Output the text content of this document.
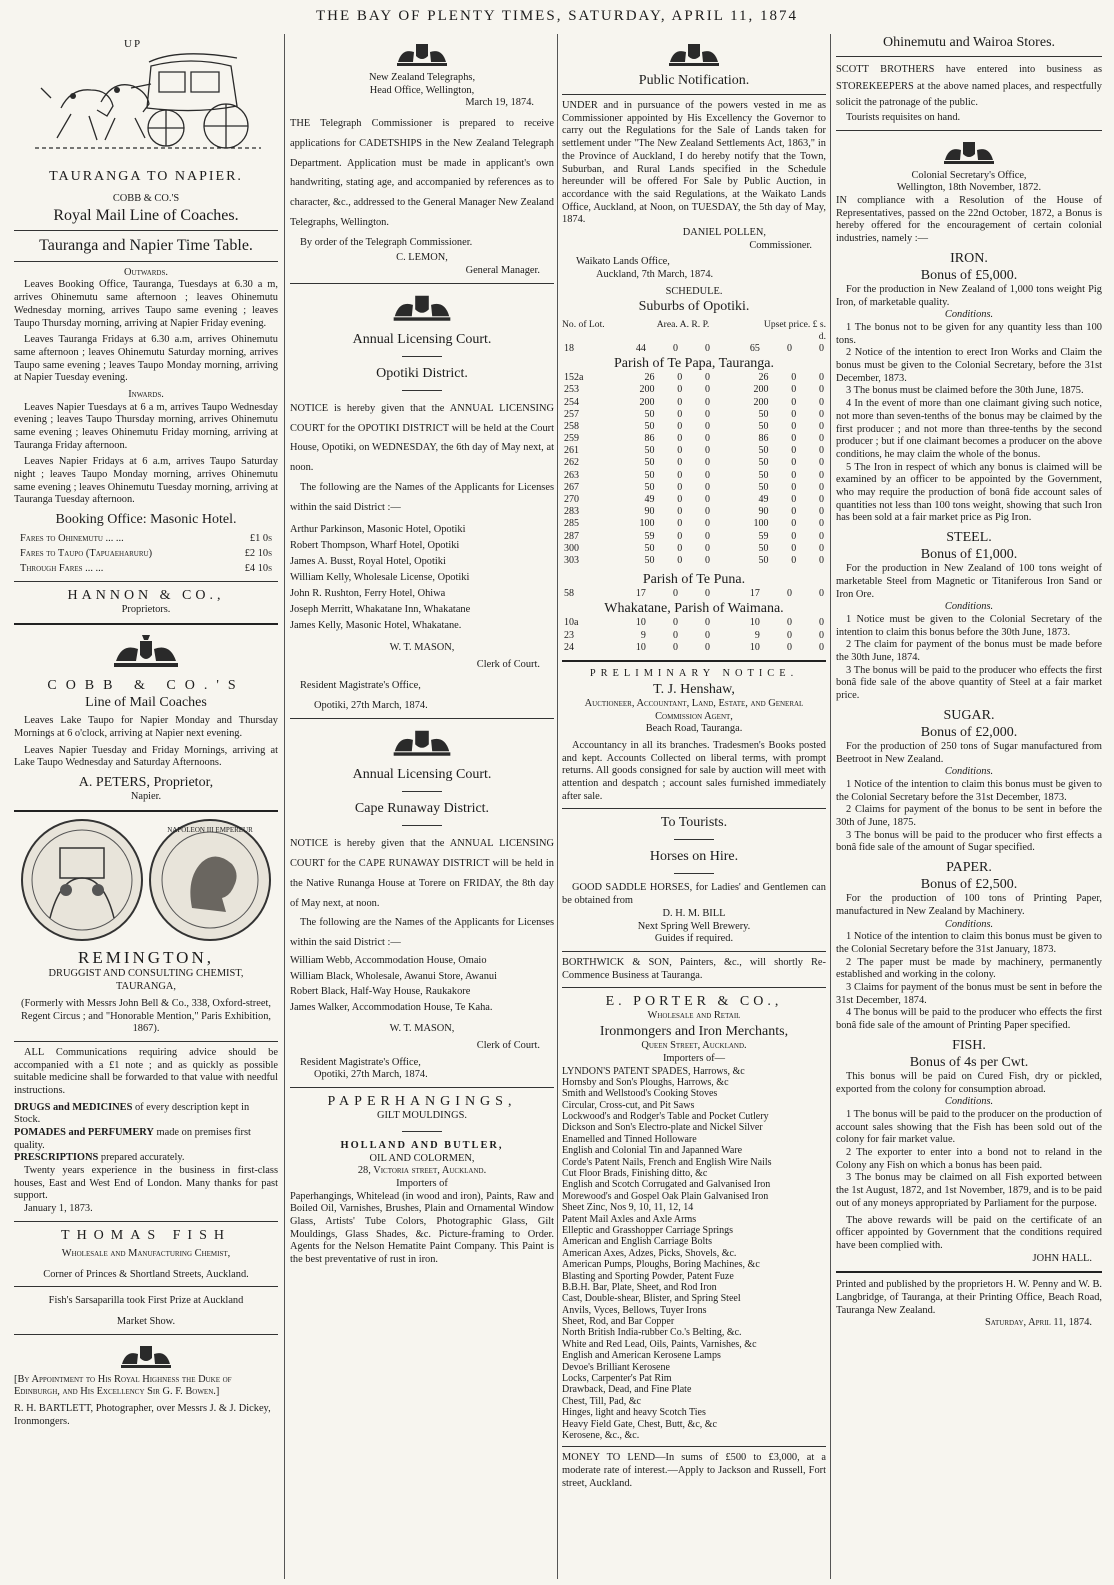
THE BAY OF PLENTY TIMES, SATURDAY, APRIL 11, 1874
UP
TAURANGA TO NAPIER.
COBB & CO.'S
Royal Mail Line of Coaches.
Tauranga and Napier Time Table.
Outwards.

Leaves Booking Office, Tauranga, Tuesdays at 6.30 a m, arrives Ohinemutu same afternoon ; leaves Ohinemutu Wednesday morning, arrives Taupo same evening ; leaves Taupo Thursday morning, arriving at Napier Friday evening.

Leaves Tauranga Fridays at 6.30 a.m, arrives Ohinemutu same afternoon ; leaves Ohinemutu Saturday morning, arrives Taupo same evening ; leaves Taupo Monday morning, arriving at Napier Tuesday evening.

Inwards.

Leaves Napier Tuesdays at 6 a m, arrives Taupo Wednesday evening ; leaves Taupo Thursday morning, arrives Ohinemutu same evening ; leaves Ohinemutu Friday morning, arriving at Tauranga Friday afternoon.

Leaves Napier Fridays at 6 a.m, arrives Taupo Saturday night ; leaves Taupo Monday morning, arrives Ohinemutu same evening ; leaves Ohinemutu Tuesday morning, arriving at Tauranga Tuesday afternoon.

Booking Office: Masonic Hotel.
Fares to Ohinemutu ... ...	£1 0s
Fares to Taupo (Tapuaeharuru)	£2 10s
Through Fares ... ...	£4 10s
HANNON & CO.,
Proprietors.
COBB & CO.'S
Line of Mail Coaches

Leaves Lake Taupo for Napier Monday and Thursday Mornings at 6 o'clock, arriving at Napier next evening.

Leaves Napier Tuesday and Friday Mornings, arriving at Lake Taupo Wednesday and Saturday Afternoons.

A. PETERS, Proprietor,
Napier.
NAPOLEON III EMPEREUR
REMINGTON,
DRUGGIST AND CONSULTING CHEMIST,
TAURANGA,

(Formerly with Messrs John Bell & Co., 338, Oxford-street, Regent Circus ; and "Honorable Mention," Paris Exhibition, 1867).

ALL Communications requiring advice should be accompanied with a £1 note ; and as quickly as possible suitable medicine shall be forwarded to that value with needful instructions.

DRUGS and MEDICINES of every description kept in Stock.

POMADES and PERFUMERY made on premises first quality.

PRESCRIPTIONS prepared accurately.

Twenty years experience in the business in first-class houses, East and West End of London. Many thanks for past support.

January 1, 1873.

THOMAS FISH
Wholesale and Manufacturing Chemist,
Corner of Princes & Shortland Streets, Auckland.
Fish's Sarsaparilla took First Prize at Auckland
Market Show.

[By Appointment to His Royal Highness the Duke of Edinburgh, and His Excellency Sir G. F. Bowen.]

R. H. BARTLETT, Photographer, over Messrs J. & J. Dickey, Ironmongers.

New Zealand Telegraphs,
Head Office, Wellington,
March 19, 1874.

THE Telegraph Commissioner is prepared to receive applications for CADETSHIPS in the New Zealand Telegraph Department. Application must be made in applicant's own handwriting, stating age, and accompanied by references as to character, &c., addressed to the General Manager New Zealand Telegraphs, Wellington.

By order of the Telegraph Commissioner.

C. LEMON,
General Manager.
Annual Licensing Court.
Opotiki District.

NOTICE is hereby given that the ANNUAL LICENSING COURT for the OPOTIKI DISTRICT will be held at the Court House, Opotiki, on WEDNESDAY, the 6th day of May next, at noon.

The following are the Names of the Applicants for Licenses within the said District :—

Arthur Parkinson, Masonic Hotel, Opotiki
Robert Thompson, Wharf Hotel, Opotiki
James A. Busst, Royal Hotel, Opotiki
William Kelly, Wholesale License, Opotiki
John R. Rushton, Ferry Hotel, Ohiwa
Joseph Merritt, Whakatane Inn, Whakatane
James Kelly, Masonic Hotel, Whakatane.
W. T. MASON,
Clerk of Court.
Resident Magistrate's Office,
Opotiki, 27th March, 1874.
Annual Licensing Court.
Cape Runaway District.

NOTICE is hereby given that the ANNUAL LICENSING COURT for the CAPE RUNAWAY DISTRICT will be held in the Native Runanga House at Torere on FRIDAY, the 8th day of May next, at noon.

The following are the Names of the Applicants for Licenses within the said District :—

William Webb, Accommodation House, Omaio
William Black, Wholesale, Awanui Store, Awanui
Robert Black, Half-Way House, Raukakore
James Walker, Accommodation House, Te Kaha.
W. T. MASON,
Clerk of Court.
Resident Magistrate's Office,
Opotiki, 27th March, 1874.
PAPERHANGINGS,
GILT MOULDINGS.
HOLLAND AND BUTLER,
OIL AND COLORMEN,
28, Victoria street, Auckland.
Importers of

Paperhangings, Whitelead (in wood and iron), Paints, Raw and Boiled Oil, Varnishes, Brushes, Plain and Ornamental Window Glass, Artists' Tube Colors, Photographic Glass, Gilt Mouldings, Glass Shades, &c. Picture-framing to Order. Agents for the Nelson Hematite Paint Company. This Paint is the best preventative of rust in iron.

Public Notification.

UNDER and in pursuance of the powers vested in me as Commissioner appointed by His Excellency the Governor to carry out the Regulations for the Sale of Lands taken for settlement under "The New Zealand Settlements Act, 1863," in the Province of Auckland, I do hereby notify that the Town, Suburban, and Rural Lands specified in the Schedule hereunder will be offered For Sale by Public Auction, in accordance with the said Regulations, at the Waikato Lands Office, Auckland, at Noon, on TUESDAY, the 5th day of May, 1874.

DANIEL POLLEN,
Commissioner.
Waikato Lands Office,
Auckland, 7th March, 1874.
SCHEDULE.
Suburbs of Opotiki.
No. of Lot.	Area. A. R. P.	Upset price. £ s. d.
18	44	0	0	65	0	0
Parish of Te Papa, Tauranga.
152a	26	0	0	26	0	0
253	200	0	0	200	0	0
254	200	0	0	200	0	0
257	50	0	0	50	0	0
258	50	0	0	50	0	0
259	86	0	0	86	0	0
261	50	0	0	50	0	0
262	50	0	0	50	0	0
263	50	0	0	50	0	0
267	50	0	0	50	0	0
270	49	0	0	49	0	0
283	90	0	0	90	0	0
285	100	0	0	100	0	0
287	59	0	0	59	0	0
300	50	0	0	50	0	0
303	50	0	0	50	0	0
Parish of Te Puna.
58	17	0	0	17	0	0
Whakatane, Parish of Waimana.
10a	10	0	0	10	0	0
23	9	0	0	9	0	0
24	10	0	0	10	0	0
PRELIMINARY NOTICE.
T. J. Henshaw,
Auctioneer, Accountant, Land, Estate, and General Commission Agent,
Beach Road, Tauranga.

Accountancy in all its branches. Tradesmen's Books posted and kept. Accounts Collected on liberal terms, with prompt returns. All goods consigned for sale by auction will meet with attention and despatch ; account sales furnished immediately after sale.

To Tourists.
Horses on Hire.

GOOD SADDLE HORSES, for Ladies' and Gentlemen can be obtained from

D. H. M. BILL
Next Spring Well Brewery.
Guides if required.

BORTHWICK & SON, Painters, &c., will shortly Re-Commence Business at Tauranga.

E. PORTER & CO.,
Wholesale and Retail
Ironmongers and Iron Merchants,
Queen Street, Auckland.
Importers of—
LYNDON'S PATENT SPADES, Harrows, &c
Hornsby and Son's Ploughs, Harrows, &c
Smith and Wellstood's Cooking Stoves
Circular, Cross-cut, and Pit Saws
Lockwood's and Rodger's Table and Pocket Cutlery
Dickson and Son's Electro-plate and Nickel Silver
Enamelled and Tinned Holloware
English and Colonial Tin and Japanned Ware
Corde's Patent Nails, French and English Wire Nails
Cut Floor Brads, Finishing ditto, &c
English and Scotch Corrugated and Galvanised Iron
Morewood's and Gospel Oak Plain Galvanised Iron
Sheet Zinc, Nos 9, 10, 11, 12, 14
Patent Mail Axles and Axle Arms
Elleptic and Grasshopper Carriage Springs
American and English Carriage Bolts
American Axes, Adzes, Picks, Shovels, &c.
American Pumps, Ploughs, Boring Machines, &c
Blasting and Sporting Powder, Patent Fuze
B.B.H. Bar, Plate, Sheet, and Rod Iron
Cast, Double-shear, Blister, and Spring Steel
Anvils, Vyces, Bellows, Tuyer Irons
Sheet, Rod, and Bar Copper
North British India-rubber Co.'s Belting, &c.
White and Red Lead, Oils, Paints, Varnishes, &c
English and American Kerosene Lamps
Devoe's Brilliant Kerosene
Locks, Carpenter's Pat Rim
Drawback, Dead, and Fine Plate
Chest, Till, Pad, &c
Hinges, light and heavy Scotch Ties
Heavy Field Gate, Chest, Butt, &c, &c
Kerosene, &c., &c.

MONEY TO LEND—In sums of £500 to £3,000, at a moderate rate of interest.—Apply to Jackson and Russell, Fort street, Auckland.

Ohinemutu and Wairoa Stores.

SCOTT BROTHERS have entered into business as STOREKEEPERS at the above named places, and respectfully solicit the patronage of the public.

Tourists requisites on hand.

Colonial Secretary's Office,
Wellington, 18th November, 1872.

IN compliance with a Resolution of the House of Representatives, passed on the 22nd October, 1872, a Bonus is hereby offered for the encouragement of certain colonial industries, namely :—

IRON.
Bonus of £5,000.

For the production in New Zealand of 1,000 tons weight Pig Iron, of marketable quality.

Conditions.

1 The bonus not to be given for any quantity less than 100 tons.

2 Notice of the intention to erect Iron Works and Claim the bonus must be given to the Colonial Secretary, before the 31st December, 1873.

3 The bonus must be claimed before the 30th June, 1875.

4 In the event of more than one claimant giving such notice, not more than seven-tenths of the bonus may be claimed by the first producer ; and not more than three-tenths by the second producer ; but if one claimant becomes a producer on the above conditions, he may claim the whole of the bonus.

5 The Iron in respect of which any bonus is claimed will be examined by an officer to be appointed by the Government, who may require the production of bonâ fide account sales of quantities not less than 100 tons weight, showing that such Iron has been sold at a fair market price as Pig Iron.

STEEL.
Bonus of £1,000.

For the production in New Zealand of 100 tons weight of marketable Steel from Magnetic or Titaniferous Iron Sand or Iron Ore.

Conditions.

1 Notice must be given to the Colonial Secretary of the intention to claim this bonus before the 30th June, 1873.

2 The claim for payment of the bonus must be made before the 30th June, 1874.

3 The bonus will be paid to the producer who effects the first bonâ fide sale of the above quantity of Steel at a fair market price.

SUGAR.
Bonus of £2,000.

For the production of 250 tons of Sugar manufactured from Beetroot in New Zealand.

Conditions.

1 Notice of the intention to claim this bonus must be given to the Colonial Secretary before the 31st December, 1873.

2 Claims for payment of the bonus to be sent in before the 30th of June, 1875.

3 The bonus will be paid to the producer who first effects a bonâ fide sale of the amount of Sugar specified.

PAPER.
Bonus of £2,500.

For the production of 100 tons of Printing Paper, manufactured in New Zealand by Machinery.

Conditions.

1 Notice of the intention to claim this bonus must be given to the Colonial Secretary before the 31st January, 1873.

2 The paper must be made by machinery, permanently established and working in the colony.

3 Claims for payment of the bonus must be sent in before the 31st December, 1874.

4 The bonus will be paid to the producer who effects the first bonâ fide sale of the amount of Printing Paper specified.

FISH.
Bonus of 4s per Cwt.

This bonus will be paid on Cured Fish, dry or pickled, exported from the colony for consumption abroad.

Conditions.

1 The bonus will be paid to the producer on the production of account sales showing that the Fish has been sold out of the colony for fair market value.

2 The exporter to enter into a bond not to reland in the Colony any Fish on which a bonus has been paid.

3 The bonus may be claimed on all Fish exported between the 1st August, 1872, and 1st November, 1879, and is to be paid out of any moneys appropriated by Parliament for the purpose.

The above rewards will be paid on the certificate of an officer appointed by Government that the conditions required have been complied with.

JOHN HALL.

Printed and published by the proprietors H. W. Penny and W. B. Langbridge, of Tauranga, at their Printing Office, Beach Road, Tauranga New Zealand.

Saturday, April 11, 1874.
